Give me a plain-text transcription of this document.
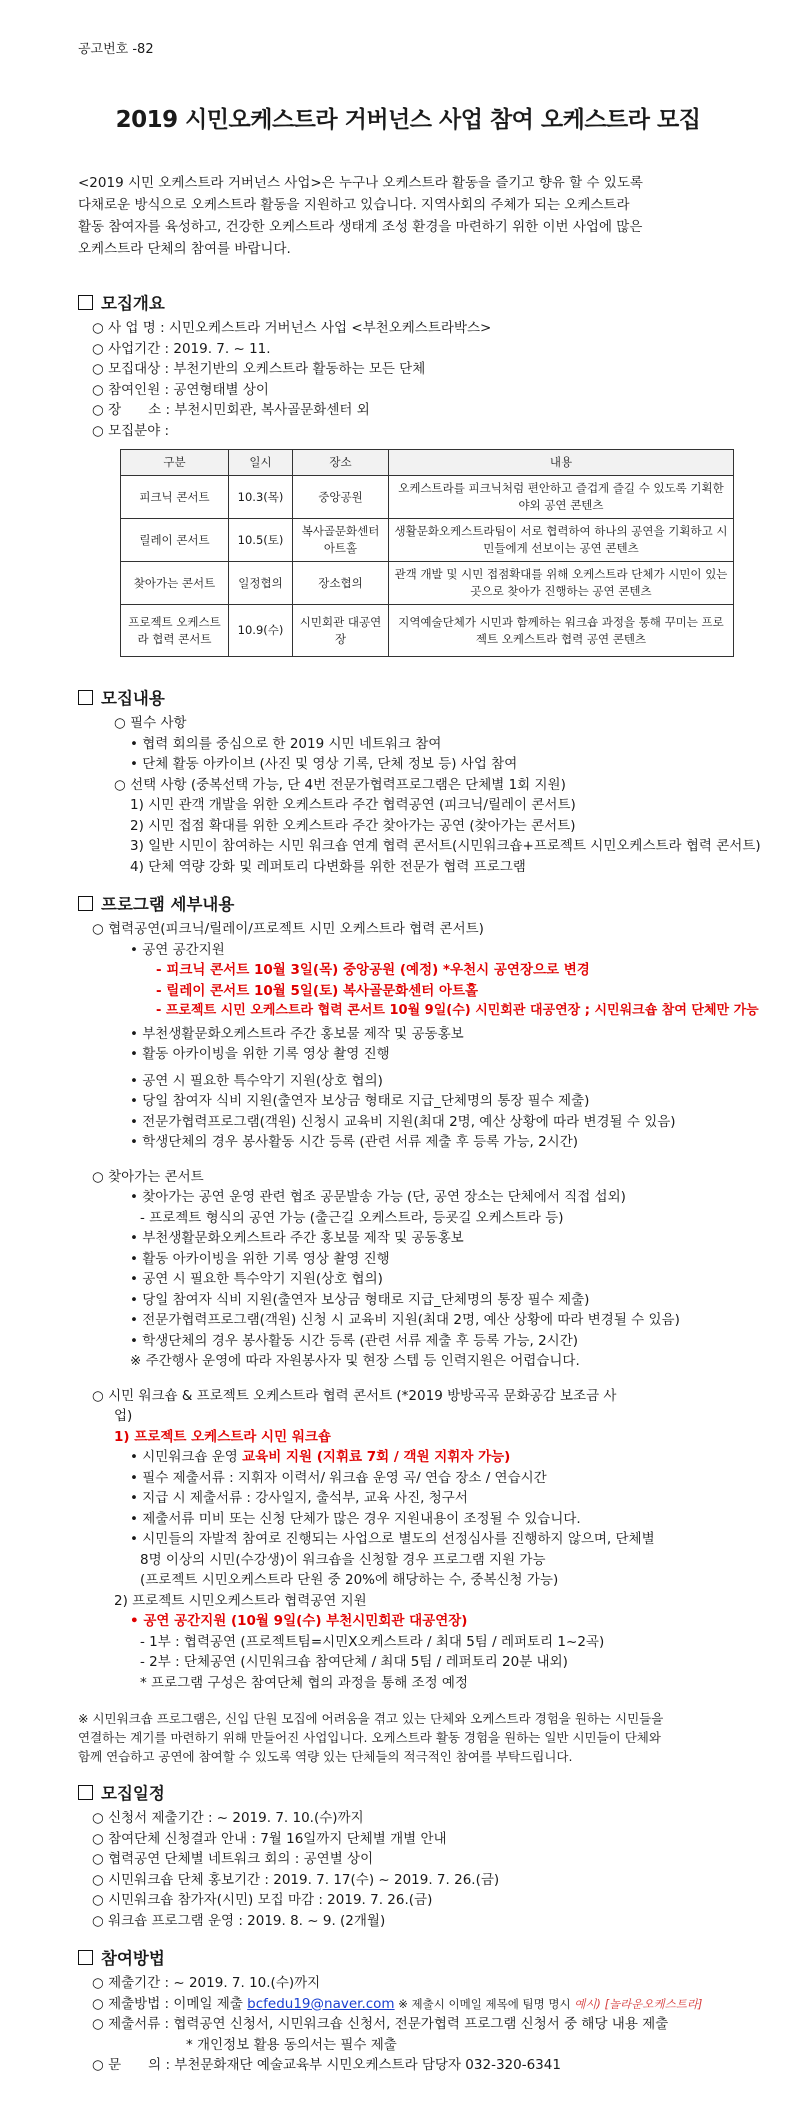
공고번호 -82
2019 시민오케스트라 거버넌스 사업 참여 오케스트라 모집
<2019 시민 오케스트라 거버넌스 사업>은 누구나 오케스트라 활동을 즐기고 향유 할 수 있도록
다채로운 방식으로 오케스트라 활동을 지원하고 있습니다. 지역사회의 주체가 되는 오케스트라
활동 참여자를 육성하고, 건강한 오케스트라 생태계 조성 환경을 마련하기 위한 이번 사업에 많은
오케스트라 단체의 참여를 바랍니다.
모집개요
○ 사 업 명 : 시민오케스트라 거버넌스 사업 <부천오케스트라박스>
○ 사업기간 : 2019. 7. ~ 11.
○ 모집대상 : 부천기반의 오케스트라 활동하는 모든 단체
○ 참여인원 : 공연형태별 상이
○ 장　　소 : 부천시민회관, 복사골문화센터 외
○ 모집분야 :
구분	일시	장소	내용
피크닉 콘서트	10.3(목)	중앙공원	오케스트라를 피크닉처럼 편안하고 즐겁게 즐길 수 있도록 기획한 야외 공연 콘텐츠
릴레이 콘서트	10.5(토)	복사골문화센터 아트홀	생활문화오케스트라팀이 서로 협력하여 하나의 공연을 기획하고 시민들에게 선보이는 공연 콘텐츠
찾아가는 콘서트	일정협의	장소협의	관객 개발 및 시민 접점확대를 위해 오케스트라 단체가 시민이 있는 곳으로 찾아가 진행하는 공연 콘텐츠
프로젝트 오케스트라 협력 콘서트	10.9(수)	시민회관 대공연장	지역예술단체가 시민과 함께하는 워크숍 과정을 통해 꾸미는 프로젝트 오케스트라 협력 공연 콘텐츠
모집내용
○ 필수 사항
• 협력 회의를 중심으로 한 2019 시민 네트워크 참여
• 단체 활동 아카이브 (사진 및 영상 기록, 단체 정보 등) 사업 참여
○ 선택 사항 (중복선택 가능, 단 4번 전문가협력프로그램은 단체별 1회 지원)
1) 시민 관객 개발을 위한 오케스트라 주간 협력공연 (피크닉/릴레이 콘서트)
2) 시민 접점 확대를 위한 오케스트라 주간 찾아가는 공연 (찾아가는 콘서트)
3) 일반 시민이 참여하는 시민 워크숍 연계 협력 콘서트(시민워크숍+프로젝트 시민오케스트라 협력 콘서트)
4) 단체 역량 강화 및 레퍼토리 다변화를 위한 전문가 협력 프로그램
프로그램 세부내용
○ 협력공연(피크닉/릴레이/프로젝트 시민 오케스트라 협력 콘서트)
• 공연 공간지원
- 피크닉 콘서트 10월 3일(목) 중앙공원 (예정) *우천시 공연장으로 변경
- 릴레이 콘서트 10월 5일(토) 복사골문화센터 아트홀
- 프로젝트 시민 오케스트라 협력 콘서트 10월 9일(수) 시민회관 대공연장 ; 시민워크숍 참여 단체만 가능
• 부천생활문화오케스트라 주간 홍보물 제작 및 공동홍보
• 활동 아카이빙을 위한 기록 영상 촬영 진행
• 공연 시 필요한 특수악기 지원(상호 협의)
• 당일 참여자 식비 지원(출연자 보상금 형태로 지급_단체명의 통장 필수 제출)
• 전문가협력프로그램(객원) 신청시 교육비 지원(최대 2명, 예산 상황에 따라 변경될 수 있음)
• 학생단체의 경우 봉사활동 시간 등록 (관련 서류 제출 후 등록 가능, 2시간)
○ 찾아가는 콘서트
• 찾아가는 공연 운영 관련 협조 공문발송 가능 (단, 공연 장소는 단체에서 직접 섭외)
- 프로젝트 형식의 공연 가능 (출근길 오케스트라, 등굣길 오케스트라 등)
• 부천생활문화오케스트라 주간 홍보물 제작 및 공동홍보
• 활동 아카이빙을 위한 기록 영상 촬영 진행
• 공연 시 필요한 특수악기 지원(상호 협의)
• 당일 참여자 식비 지원(출연자 보상금 형태로 지급_단체명의 통장 필수 제출)
• 전문가협력프로그램(객원) 신청 시 교육비 지원(최대 2명, 예산 상황에 따라 변경될 수 있음)
• 학생단체의 경우 봉사활동 시간 등록 (관련 서류 제출 후 등록 가능, 2시간)
※ 주간행사 운영에 따라 자원봉사자 및 현장 스텝 등 인력지원은 어렵습니다.
○ 시민 워크숍 & 프로젝트 오케스트라 협력 콘서트 (*2019 방방곡곡 문화공감 보조금 사
업)
1) 프로젝트 오케스트라 시민 워크숍
• 시민워크숍 운영 교육비 지원 (지휘료 7회 / 객원 지휘자 가능)
• 필수 제출서류 : 지휘자 이력서/ 워크숍 운영 곡/ 연습 장소 / 연습시간
• 지급 시 제출서류 : 강사일지, 출석부, 교육 사진, 청구서
• 제출서류 미비 또는 신청 단체가 많은 경우 지원내용이 조정될 수 있습니다.
• 시민들의 자발적 참여로 진행되는 사업으로 별도의 선정심사를 진행하지 않으며, 단체별
8명 이상의 시민(수강생)이 워크숍을 신청할 경우 프로그램 지원 가능
(프로젝트 시민오케스트라 단원 중 20%에 해당하는 수, 중복신청 가능)
2) 프로젝트 시민오케스트라 협력공연 지원
• 공연 공간지원 (10월 9일(수) 부천시민회관 대공연장)
- 1부 : 협력공연 (프로젝트팀=시민X오케스트라 / 최대 5팀 / 레퍼토리 1~2곡)
- 2부 : 단체공연 (시민워크숍 참여단체 / 최대 5팀 / 레퍼토리 20분 내외)
* 프로그램 구성은 참여단체 협의 과정을 통해 조정 예정
※ 시민워크숍 프로그램은, 신입 단원 모집에 어려움을 겪고 있는 단체와 오케스트라 경험을 원하는 시민들을
연결하는 계기를 마련하기 위해 만들어진 사업입니다. 오케스트라 활동 경험을 원하는 일반 시민들이 단체와
함께 연습하고 공연에 참여할 수 있도록 역량 있는 단체들의 적극적인 참여를 부탁드립니다.
모집일정
○ 신청서 제출기간 : ~ 2019. 7. 10.(수)까지
○ 참여단체 신청결과 안내 : 7월 16일까지 단체별 개별 안내
○ 협력공연 단체별 네트워크 회의 : 공연별 상이
○ 시민워크숍 단체 홍보기간 : 2019. 7. 17(수) ~ 2019. 7. 26.(금)
○ 시민워크숍 참가자(시민) 모집 마감 : 2019. 7. 26.(금)
○ 워크숍 프로그램 운영 : 2019. 8. ~ 9. (2개월)
참여방법
○ 제출기간 : ~ 2019. 7. 10.(수)까지
○ 제출방법 : 이메일 제출 bcfedu19@naver.com ※ 제출시 이메일 제목에 팀명 명시 예시) [놀라운오케스트라]
○ 제출서류 : 협력공연 신청서, 시민워크숍 신청서, 전문가협력 프로그램 신청서 중 해당 내용 제출
* 개인정보 활용 동의서는 필수 제출
○ 문　　의 : 부천문화재단 예술교육부 시민오케스트라 담당자 032-320-6341
